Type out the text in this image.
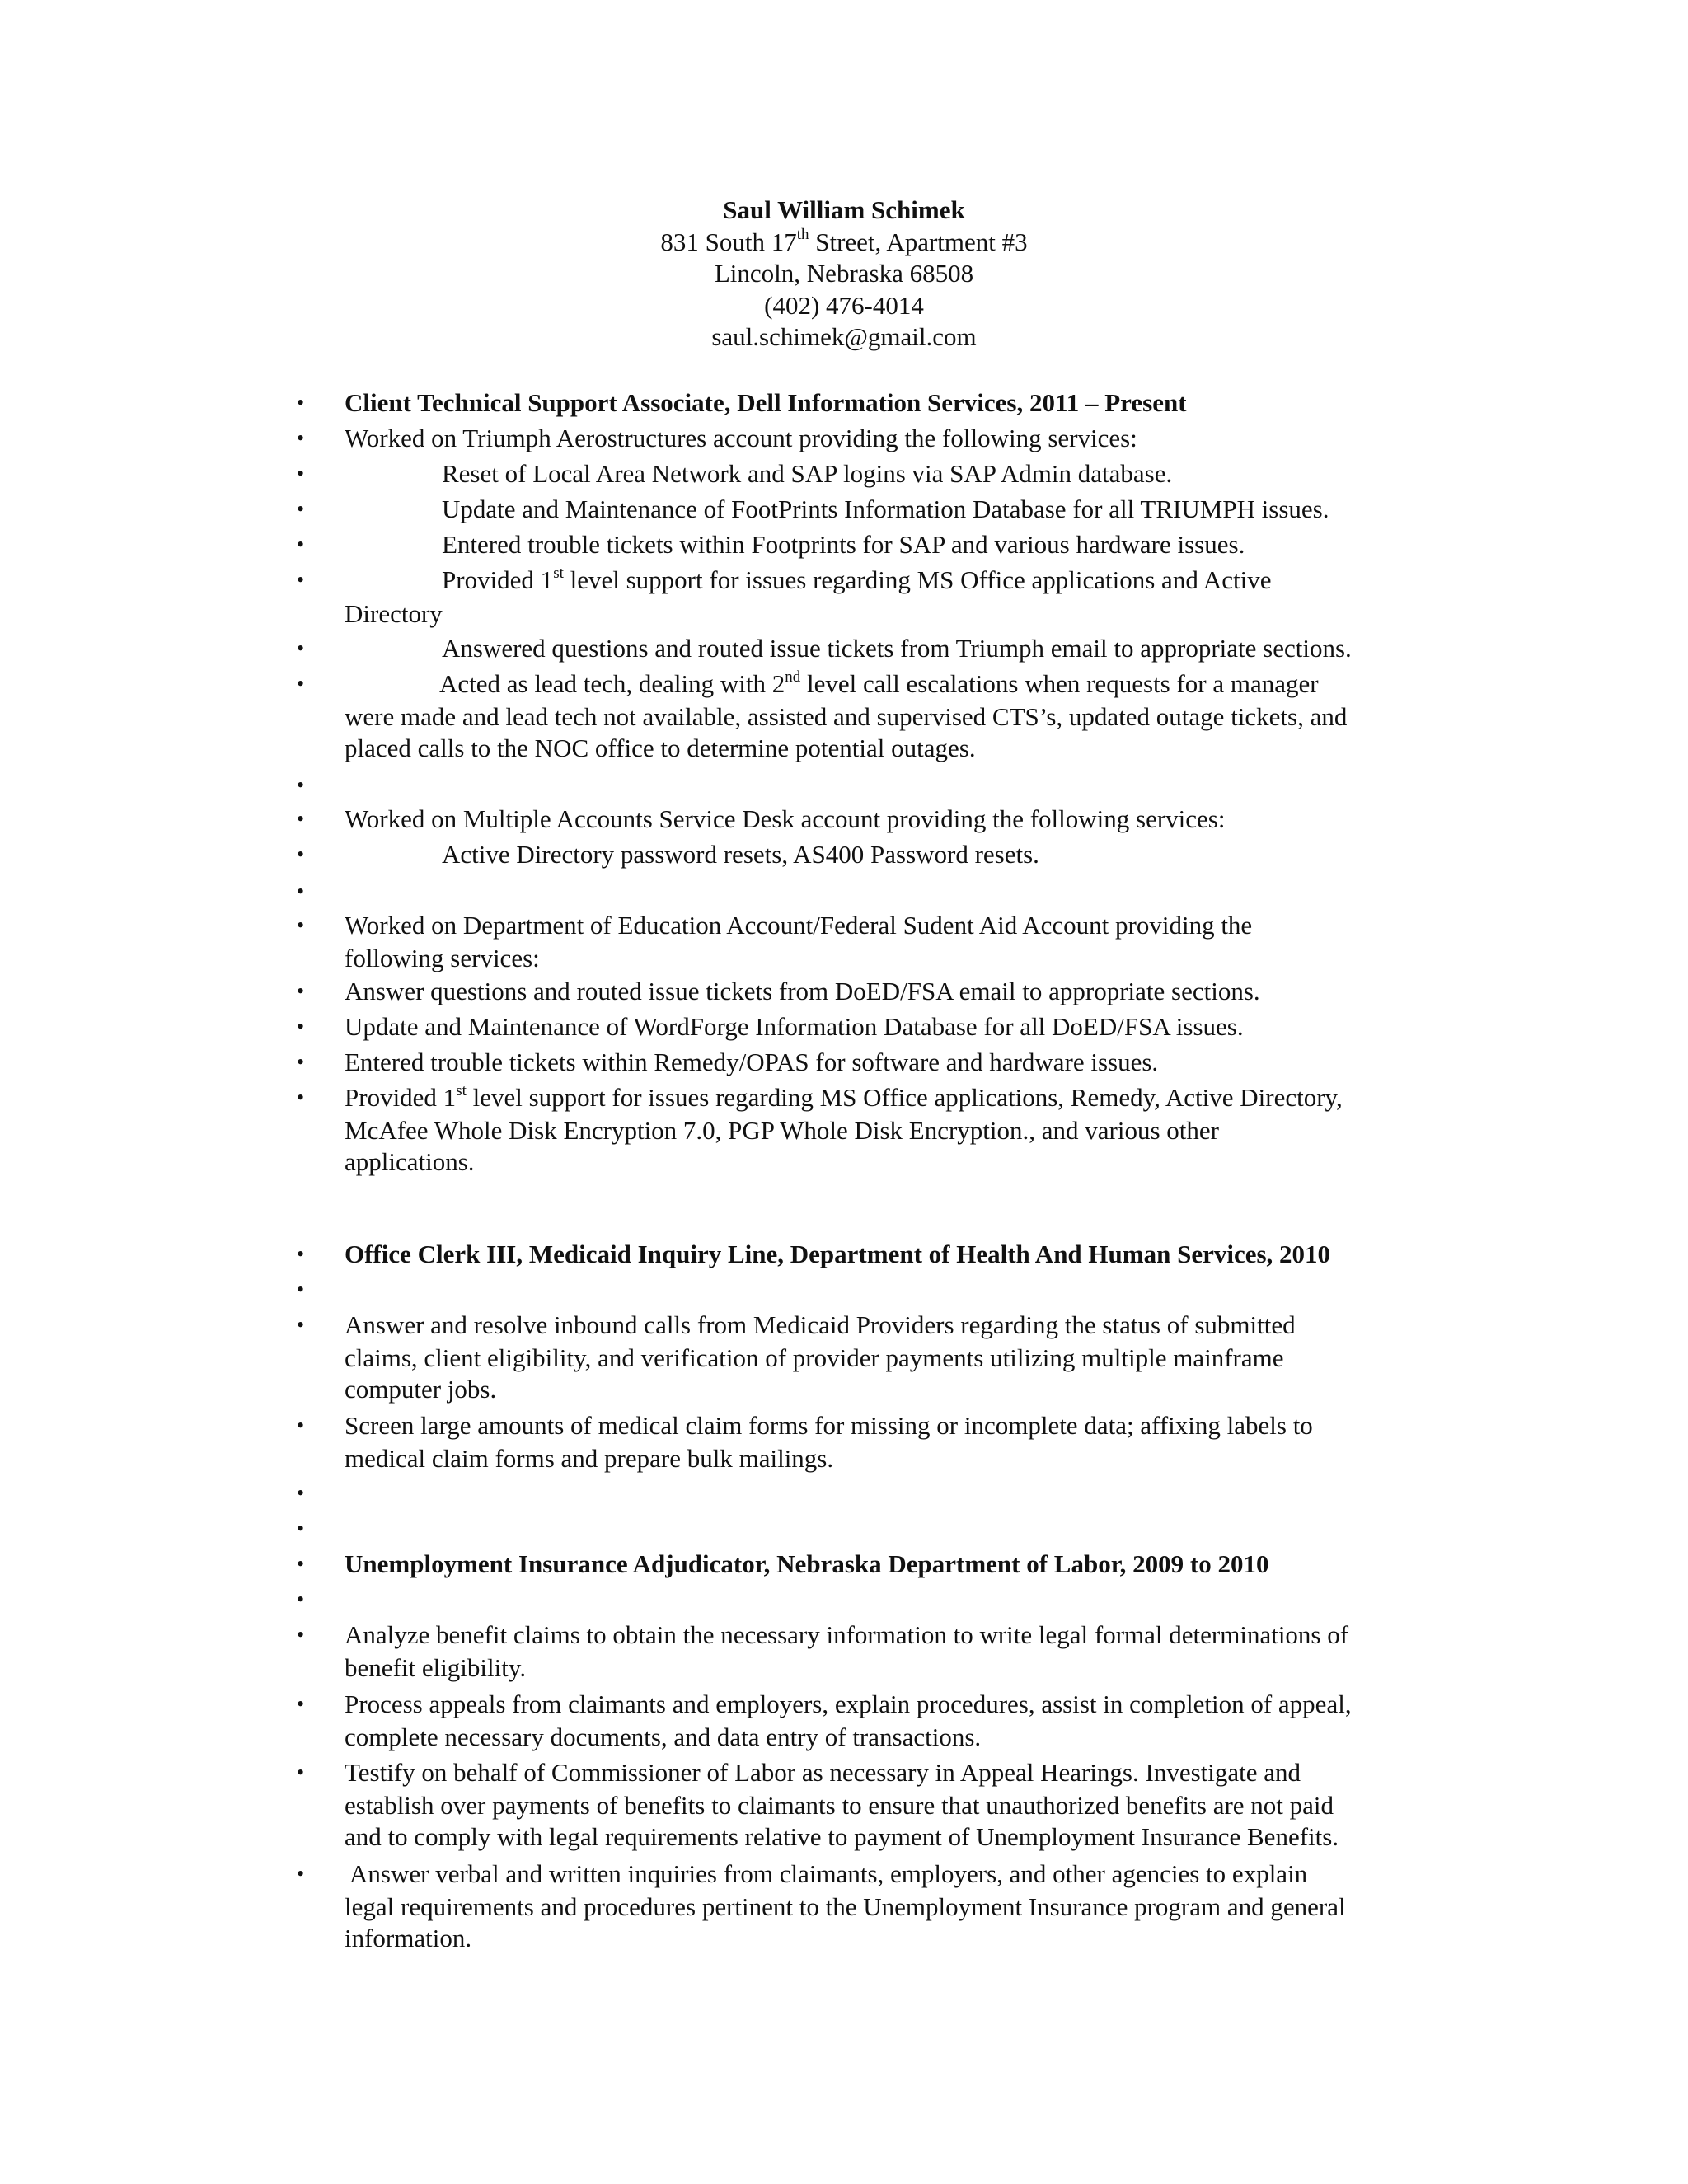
Saul William Schimek
831 South 17th Street, Apartment #3
Lincoln, Nebraska 68508
(402) 476-4014
saul.schimek@gmail.com
•
•
•
•
•
•
•
•
•
•
•
•
•
•
•
•
•
•
•
•
•
•
•
•
•
•
•
•
•
Client Technical Support Associate, Dell Information Services, 2011 – Present
Worked on Triumph Aerostructures account providing the following services:
Reset of Local Area Network and SAP logins via SAP Admin database.
Update and Maintenance of FootPrints Information Database for all TRIUMPH issues.
Entered trouble tickets within Footprints for SAP and various hardware issues.
Provided 1st level support for issues regarding MS Office applications and Active
Directory
Answered questions and routed issue tickets from Triumph email to appropriate sections.
Acted as lead tech, dealing with 2nd level call escalations when requests for a manager
were made and lead tech not available, assisted and supervised CTS’s, updated outage tickets, and
placed calls to the NOC office to determine potential outages.
Worked on Multiple Accounts Service Desk account providing the following services:
Active Directory password resets, AS400 Password resets.
Worked on Department of Education Account/Federal Sudent Aid Account providing the
following services:
Answer questions and routed issue tickets from DoED/FSA email to appropriate sections.
Update and Maintenance of WordForge Information Database for all DoED/FSA issues.
Entered trouble tickets within Remedy/OPAS for software and hardware issues.
Provided 1st level support for issues regarding MS Office applications, Remedy, Active Directory,
McAfee Whole Disk Encryption 7.0, PGP Whole Disk Encryption., and various other
applications.
Office Clerk III, Medicaid Inquiry Line, Department of Health And Human Services, 2010
Answer and resolve inbound calls from Medicaid Providers regarding the status of submitted
claims, client eligibility, and verification of provider payments utilizing multiple mainframe
computer jobs.
Screen large amounts of medical claim forms for missing or incomplete data; affixing labels to
medical claim forms and prepare bulk mailings.
Unemployment Insurance Adjudicator, Nebraska Department of Labor, 2009 to 2010
Analyze benefit claims to obtain the necessary information to write legal formal determinations of
benefit eligibility.
Process appeals from claimants and employers, explain procedures, assist in completion of appeal,
complete necessary documents, and data entry of transactions.
Testify on behalf of Commissioner of Labor as necessary in Appeal Hearings. Investigate and
establish over payments of benefits to claimants to ensure that unauthorized benefits are not paid
and to comply with legal requirements relative to payment of Unemployment Insurance Benefits.
Answer verbal and written inquiries from claimants, employers, and other agencies to explain
legal requirements and procedures pertinent to the Unemployment Insurance program and general
information.
